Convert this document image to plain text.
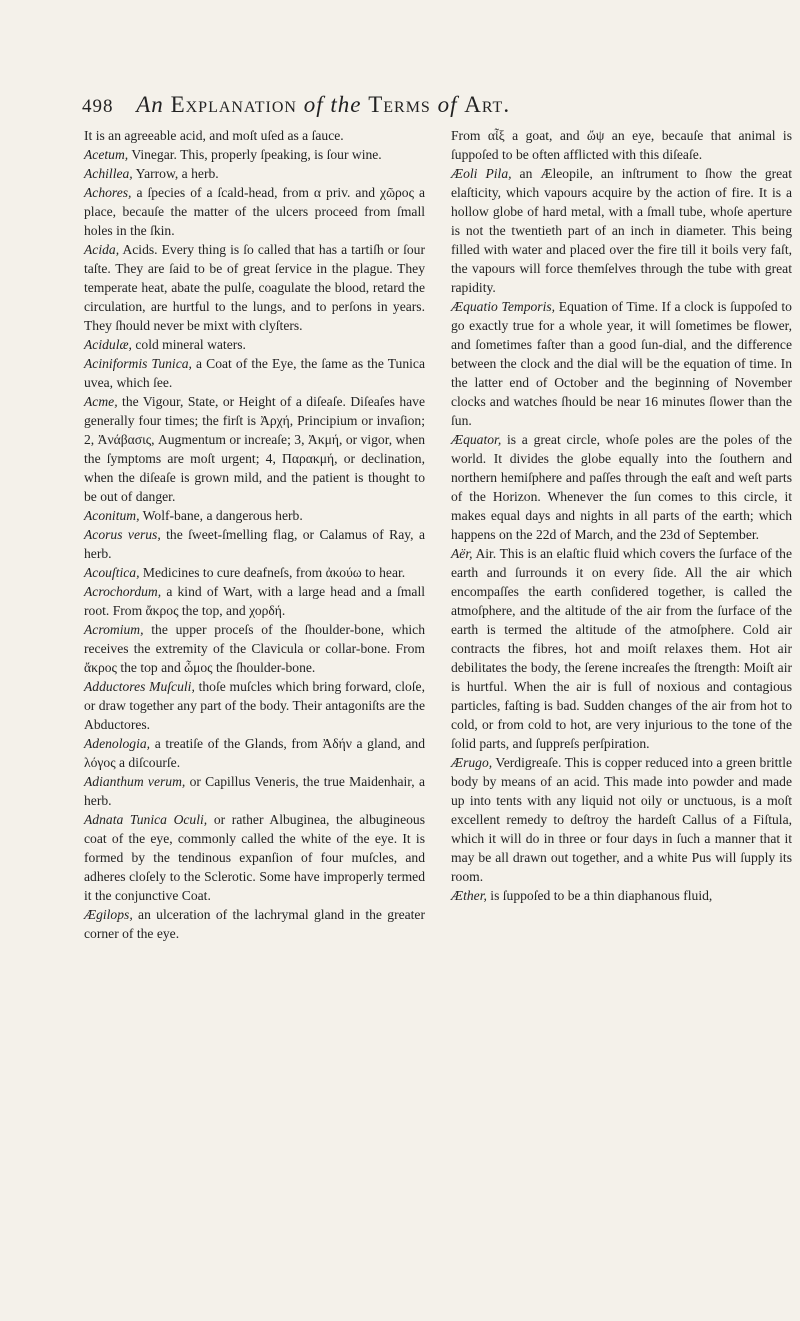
498 An Explanation of the Terms of Art.

It is an agreeable acid, and moſt uſed as a ſauce.

Acetum, Vinegar. This, properly ſpeaking, is ſour wine.

Achillea, Yarrow, a herb.

Achores, a ſpecies of a ſcald-head, from α priv. and χῶρος a place, becauſe the matter of the ulcers proceed from ſmall holes in the ſkin.

Acida, Acids. Every thing is ſo called that has a tartiſh or ſour taſte. They are ſaid to be of great ſervice in the plague. They temperate heat, abate the pulſe, coagulate the blood, retard the circulation, are hurtful to the lungs, and to perſons in years. They ſhould never be mixt with clyſters.

Acidulæ, cold mineral waters.

Aciniformis Tunica, a Coat of the Eye, the ſame as the Tunica uvea, which ſee.

Acme, the Vigour, State, or Height of a diſeaſe. Diſeaſes have generally four times; the firſt is Ἀρχή, Principium or invaſion; 2, Ἀνάβασις, Augmentum or increaſe; 3, Ἀκμή, or vigor, when the ſymptoms are moſt urgent; 4, Παρακμή, or declination, when the diſeaſe is grown mild, and the patient is thought to be out of danger.

Aconitum, Wolf-bane, a dangerous herb.

Acorus verus, the ſweet-ſmelling flag, or Calamus of Ray, a herb.

Acouſtica, Medicines to cure deafneſs, from ἀκούω to hear.

Acrochordum, a kind of Wart, with a large head and a ſmall root. From ἄκρος the top, and χορδή.

Acromium, the upper proceſs of the ſhoulder-bone, which receives the extremity of the Clavicula or collar-bone. From ἄκρος the top and ὦμος the ſhoulder-bone.

Adductores Muſculi, thoſe muſcles which bring forward, cloſe, or draw together any part of the body. Their antagoniſts are the Abductores.

Adenologia, a treatiſe of the Glands, from Ἀδήν a gland, and λόγος a diſcourſe.

Adianthum verum, or Capillus Veneris, the true Maidenhair, a herb.

Adnata Tunica Oculi, or rather Albuginea, the albugineous coat of the eye, commonly called the white of the eye. It is formed by the tendinous expanſion of four muſcles, and adheres cloſely to the Sclerotic. Some have improperly termed it the conjunctive Coat.

Ægilops, an ulceration of the lachrymal gland in the greater corner of the eye.

From αἶξ a goat, and ὤψ an eye, becauſe that animal is ſuppoſed to be often afflicted with this diſeaſe.

Æoli Pila, an Æleopile, an inſtrument to ſhow the great elaſticity, which vapours acquire by the action of fire. It is a hollow globe of hard metal, with a ſmall tube, whoſe aperture is not the twentieth part of an inch in diameter. This being filled with water and placed over the fire till it boils very faſt, the vapours will force themſelves through the tube with great rapidity.

Æquatio Temporis, Equation of Time. If a clock is ſuppoſed to go exactly true for a whole year, it will ſometimes be flower, and ſometimes faſter than a good ſun-dial, and the difference between the clock and the dial will be the equation of time. In the latter end of October and the beginning of November clocks and watches ſhould be near 16 minutes ſlower than the ſun.

Æquator, is a great circle, whoſe poles are the poles of the world. It divides the globe equally into the ſouthern and northern hemiſphere and paſſes through the eaſt and weſt parts of the Horizon. Whenever the ſun comes to this circle, it makes equal days and nights in all parts of the earth; which happens on the 22d of March, and the 23d of September.

Aër, Air. This is an elaſtic fluid which covers the ſurface of the earth and ſurrounds it on every ſide. All the air which encompaſſes the earth conſidered together, is called the atmoſphere, and the altitude of the air from the ſurface of the earth is termed the altitude of the atmoſphere. Cold air contracts the fibres, hot and moiſt relaxes them. Hot air debilitates the body, the ſerene increaſes the ſtrength: Moiſt air is hurtful. When the air is full of noxious and contagious particles, faſting is bad. Sudden changes of the air from hot to cold, or from cold to hot, are very injurious to the tone of the ſolid parts, and ſuppreſs perſpiration.

Ærugo, Verdigreaſe. This is copper reduced into a green brittle body by means of an acid. This made into powder and made up into tents with any liquid not oily or unctuous, is a moſt excellent remedy to deſtroy the hardeſt Callus of a Fiſtula, which it will do in three or four days in ſuch a manner that it may be all drawn out together, and a white Pus will ſupply its room.

Æther, is ſuppoſed to be a thin diaphanous fluid,
